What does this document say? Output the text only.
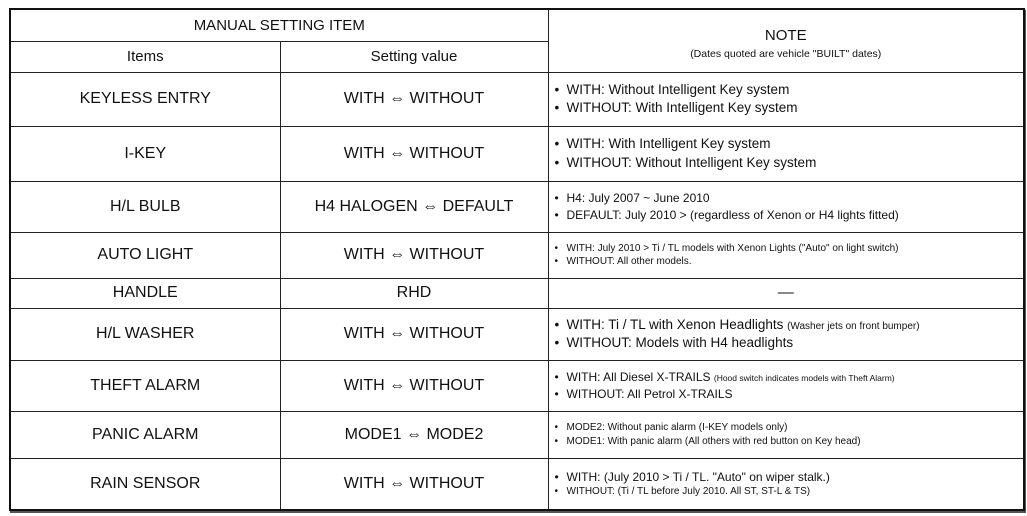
MANUAL SETTING ITEM		NOTE
(Dates quoted are vehicle "BUILT" dates)

Items	Setting value	
KEYLESS ENTRY	WITH ⇔ WITHOUT	• WITH: Without Intelligent Key system
• WITHOUT: With Intelligent Key system

I-KEY	WITH ⇔ WITHOUT	• WITH: With Intelligent Key system
• WITHOUT: Without Intelligent Key system

H/L BULB	H4 HALOGEN ⇔ DEFAULT	• H4: July 2007 ~ June 2010
• DEFAULT: July 2010 > (regardless of Xenon or H4 lights fitted)

AUTO LIGHT	WITH ⇔ WITHOUT	• WITH: July 2010 > Ti / TL models with Xenon Lights ("Auto" on light switch)
• WITHOUT: All other models.

HANDLE	RHD	—

H/L WASHER	WITH ⇔ WITHOUT	• WITH: Ti / TL with Xenon Headlights (Washer jets on front bumper)
• WITHOUT: Models with H4 headlights

THEFT ALARM	WITH ⇔ WITHOUT	• WITH: All Diesel X-TRAILS (Hood switch indicates models with Theft Alarm)
• WITHOUT: All Petrol X-TRAILS

PANIC ALARM	MODE1 ⇔ MODE2	• MODE2: Without panic alarm (I-KEY models only)
• MODE1: With panic alarm (All others with red button on Key head)

RAIN SENSOR	WITH ⇔ WITHOUT	• WITH: (July 2010 > Ti / TL. "Auto" on wiper stalk.)
• WITHOUT: (Ti / TL before July 2010. All ST, ST-L & TS)
